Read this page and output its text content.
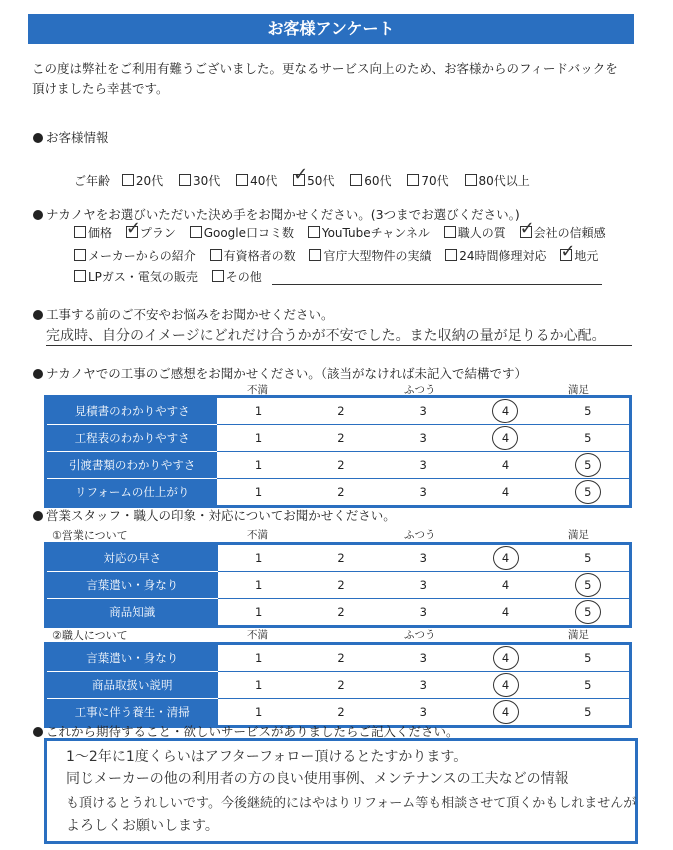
お客様アンケート
この度は弊社をご利用有難うございました。更なるサービス向上のため、お客様からのフィードバックを
頂けましたら幸甚です。
お客様情報
ご年齢 20代 30代 40代 ✓
50代 60代 70代 80代以上
ナカノヤをお選びいただいた決め手をお聞かせください。(3つまでお選びください。)
価格 ✓
プラン Google口コミ数 YouTubeチャンネル 職人の質 ✓
会社の信頼感
メーカーからの紹介 有資格者の数 官庁大型物件の実績 24時間修理対応 ✓
地元
LPガス・電気の販売 その他
工事する前のご不安やお悩みをお聞かせください。
完成時、自分のイメージにどれだけ合うかが不安でした。また収納の量が足りるか心配。
ナカノヤでの工事のご感想をお聞かせください。（該当がなければ未記入で結構です）
不満	ふつう	満足
見積書のわかりやすさ	1	2	3	4	5
工程表のわかりやすさ	1	2	3	4	5
引渡書類のわかりやすさ	1	2	3	4	5

リフォームの仕上がり	1	2	3	4	5
営業スタッフ・職人の印象・対応についてお聞かせください。
①営業について	不満	ふつう	満足
対応の早さ	1	2	3	4	5
言葉遣い・身なり	1	2	3	4	5

商品知識	1	2	3	4	5
②職人について	不満	ふつう	満足
言葉遣い・身なり	1	2	3	4	5
商品取扱い説明	1	2	3	4	5
工事に伴う養生・清掃	1	2	3	4	5
これから期待すること・欲しいサービスがありましたらご記入ください。
1〜2年に1度くらいはアフターフォロー頂けるとたすかります。
同じメーカーの他の利用者の方の良い使用事例、メンテナンスの工夫などの情報
も頂けるとうれしいです。今後継続的にはやはりリフォーム等も相談させて頂くかもしれませんが
よろしくお願いします。
